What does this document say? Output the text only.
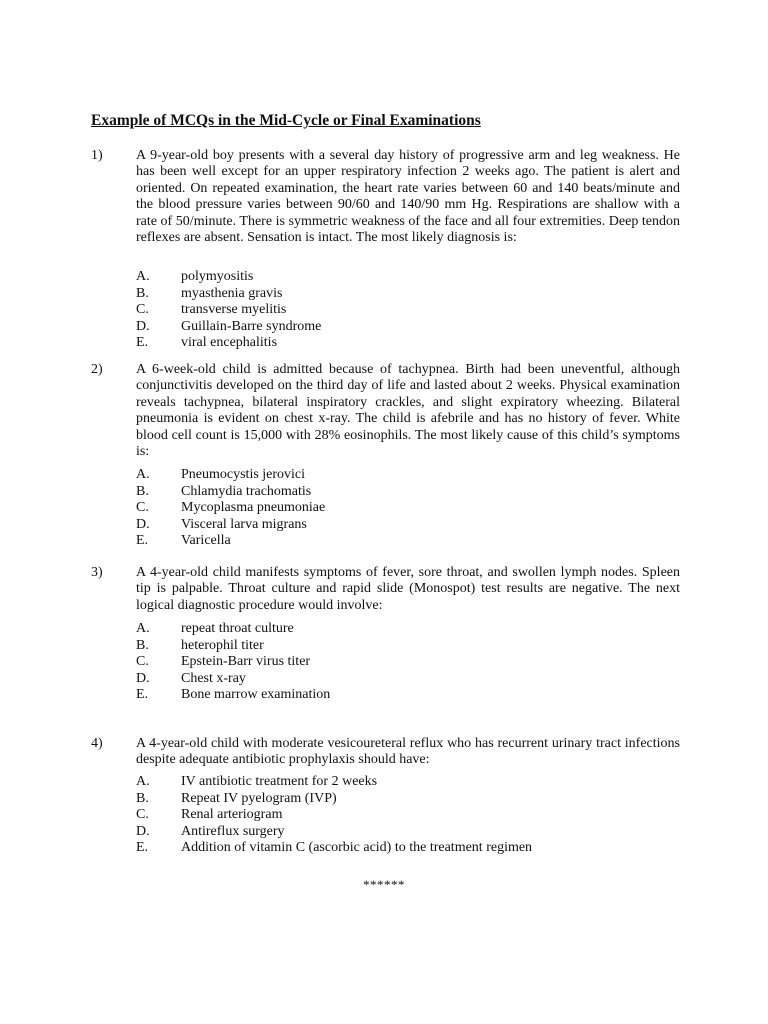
Example of MCQs in the Mid-Cycle or Final Examinations
1) A 9-year-old boy presents with a several day history of progressive arm and leg weakness. He has been well except for an upper respiratory infection 2 weeks ago. The patient is alert and oriented. On repeated examination, the heart rate varies between 60 and 140 beats/minute and the blood pressure varies between 90/60 and 140/90 mm Hg. Respirations are shallow with a rate of 50/minute. There is symmetric weakness of the face and all four extremities. Deep tendon reflexes are absent. Sensation is intact. The most likely diagnosis is:
A. polymyositis
B. myasthenia gravis
C. transverse myelitis
D. Guillain-Barre syndrome
E. viral encephalitis
2) A 6-week-old child is admitted because of tachypnea. Birth had been uneventful, although conjunctivitis developed on the third day of life and lasted about 2 weeks. Physical examination reveals tachypnea, bilateral inspiratory crackles, and slight expiratory wheezing. Bilateral pneumonia is evident on chest x-ray. The child is afebrile and has no history of fever. White blood cell count is 15,000 with 28% eosinophils. The most likely cause of this child’s symptoms is:
A. Pneumocystis jerovici
B. Chlamydia trachomatis
C. Mycoplasma pneumoniae
D. Visceral larva migrans
E. Varicella
3) A 4-year-old child manifests symptoms of fever, sore throat, and swollen lymph nodes. Spleen tip is palpable. Throat culture and rapid slide (Monospot) test results are negative. The next logical diagnostic procedure would involve:
A. repeat throat culture
B. heterophil titer
C. Epstein-Barr virus titer
D. Chest x-ray
E. Bone marrow examination
4) A 4-year-old child with moderate vesicoureteral reflux who has recurrent urinary tract infections despite adequate antibiotic prophylaxis should have:
A. IV antibiotic treatment for 2 weeks
B. Repeat IV pyelogram (IVP)
C. Renal arteriogram
D. Antireflux surgery
E. Addition of vitamin C (ascorbic acid) to the treatment regimen
******
